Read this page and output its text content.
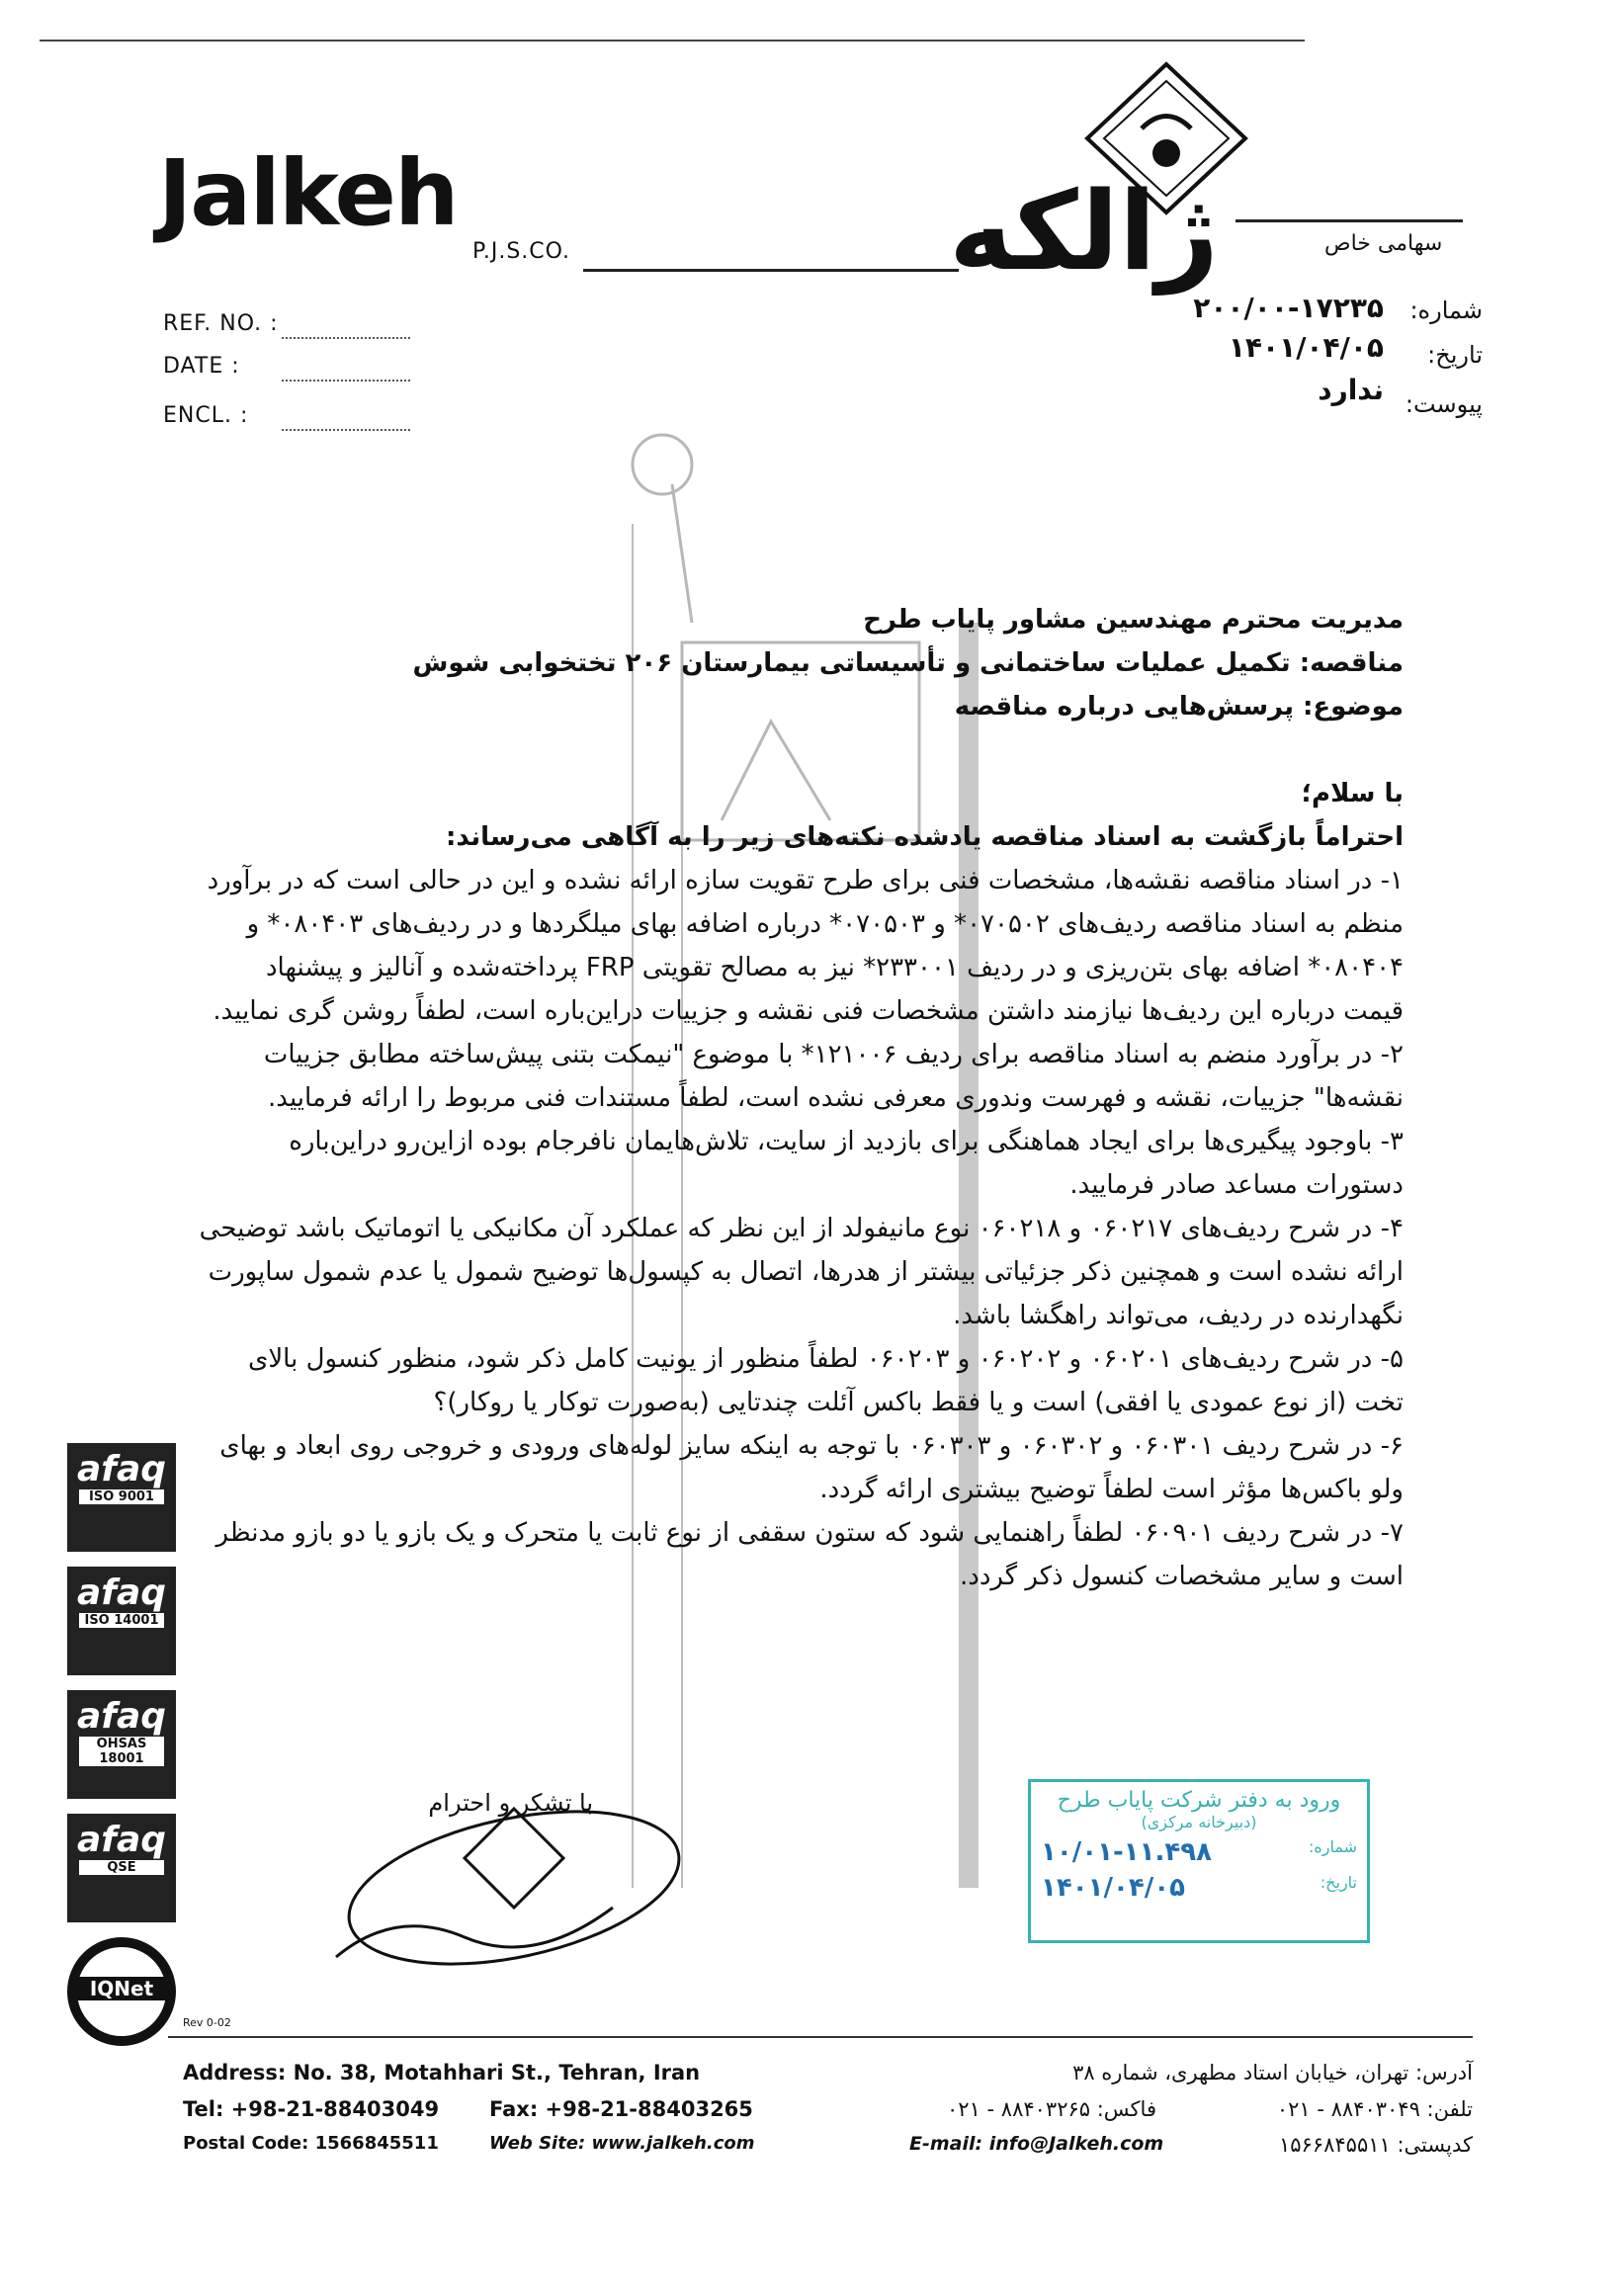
Jalkeh
P.J.S.CO.	ژالکه	سهامی خاص
REF. NO. :
DATE :
ENCL. :
شماره:
۲۰۰/۰۰-۱۷۲۳۵
تاریخ:
۱۴۰۱/۰۴/۰۵
پیوست:
ندارد

مدیریت محترم مهندسین مشاور پایاب طرح

مناقصه: تکمیل عملیات ساختمانی و تأسیساتی بیمارستان ۲۰۶ تختخوابی شوش

موضوع: پرسش‌هایی درباره مناقصه

با سلام؛

احتراماً بازگشت به اسناد مناقصه یادشده نکته‌های زیر را به آگاهی می‌رساند:

۱- در اسناد مناقصه نقشه‌ها، مشخصات فنی برای طرح تقویت سازه ارائه نشده و این در حالی است که در برآورد منظم به اسناد مناقصه ردیف‌های ۰۷۰۵۰۲* و ۰۷۰۵۰۳* درباره اضافه بهای میلگردها و در ردیف‌های ۰۸۰۴۰۳* و ۰۸۰۴۰۴* اضافه بهای بتن‌ریزی و در ردیف ۲۳۳۰۰۱* نیز به مصالح تقویتی FRP پرداخته‌شده و آنالیز و پیشنهاد قیمت درباره این ردیف‌ها نیازمند داشتن مشخصات فنی نقشه و جزییات دراین‌باره است، لطفاً روشن گری نمایید.

۲- در برآورد منضم به اسناد مناقصه برای ردیف ۱۲۱۰۰۶* با موضوع "نیمکت بتنی پیش‌ساخته مطابق جزییات نقشه‌ها" جزییات، نقشه و فهرست وندوری معرفی نشده است، لطفاً مستندات فنی مربوط را ارائه فرمایید.

۳- باوجود پیگیری‌ها برای ایجاد هماهنگی برای بازدید از سایت، تلاش‌هایمان نافرجام بوده ازاین‌رو دراین‌باره دستورات مساعد صادر فرمایید.

۴- در شرح ردیف‌های ۰۶۰۲۱۷ و ۰۶۰۲۱۸ نوع مانیفولد از این نظر که عملکرد آن مکانیکی یا اتوماتیک باشد توضیحی ارائه نشده است و همچنین ذکر جزئیاتی بیشتر از هدرها، اتصال به کپسول‌ها توضیح شمول یا عدم شمول ساپورت نگهدارنده در ردیف، می‌تواند راهگشا باشد.

۵- در شرح ردیف‌های ۰۶۰۲۰۱ و ۰۶۰۲۰۲ و ۰۶۰۲۰۳ لطفاً منظور از یونیت کامل ذکر شود، منظور کنسول بالای تخت (از نوع عمودی یا افقی) است و یا فقط باکس آئلت چندتایی (به‌صورت توکار یا روکار)؟

۶- در شرح ردیف ۰۶۰۳۰۱ و ۰۶۰۳۰۲ و ۰۶۰۳۰۳ با توجه به اینکه سایز لوله‌های ورودی و خروجی روی ابعاد و بهای ولو باکس‌ها مؤثر است لطفاً توضیح بیشتری ارائه گردد.

۷- در شرح ردیف ۰۶۰۹۰۱ لطفاً راهنمایی شود که ستون سقفی از نوع ثابت یا متحرک و یک بازو یا دو بازو مدنظر است و سایر مشخصات کنسول ذکر گردد.

با تشکر و احترام	ورود به دفتر شرکت پایاب طرح
(دبیرخانه مرکزی)
۱۰/۰۱-۱۱.۴۹۸	شماره:
۱۴۰۱/۰۴/۰۵	تاریخ:
afaq
ISO 9001
afaq
ISO 14001
afaq
OHSAS 18001
afaq
QSE
IQNet
Rev 0-02
Address: No. 38, Motahhari St., Tehran, Iran
Tel: +98-21-88403049 Fax: +98-21-88403265
Postal Code: 1566845511	Web Site: www.jalkeh.com
آدرس: تهران، خیابان استاد مطهری، شماره ۳۸
تلفن: ۸۸۴۰۳۰۴۹ - ۰۲۱
فاکس: ۸۸۴۰۳۲۶۵ - ۰۲۱
E-mail: info@Jalkeh.com	کدپستی: ۱۵۶۶۸۴۵۵۱۱
